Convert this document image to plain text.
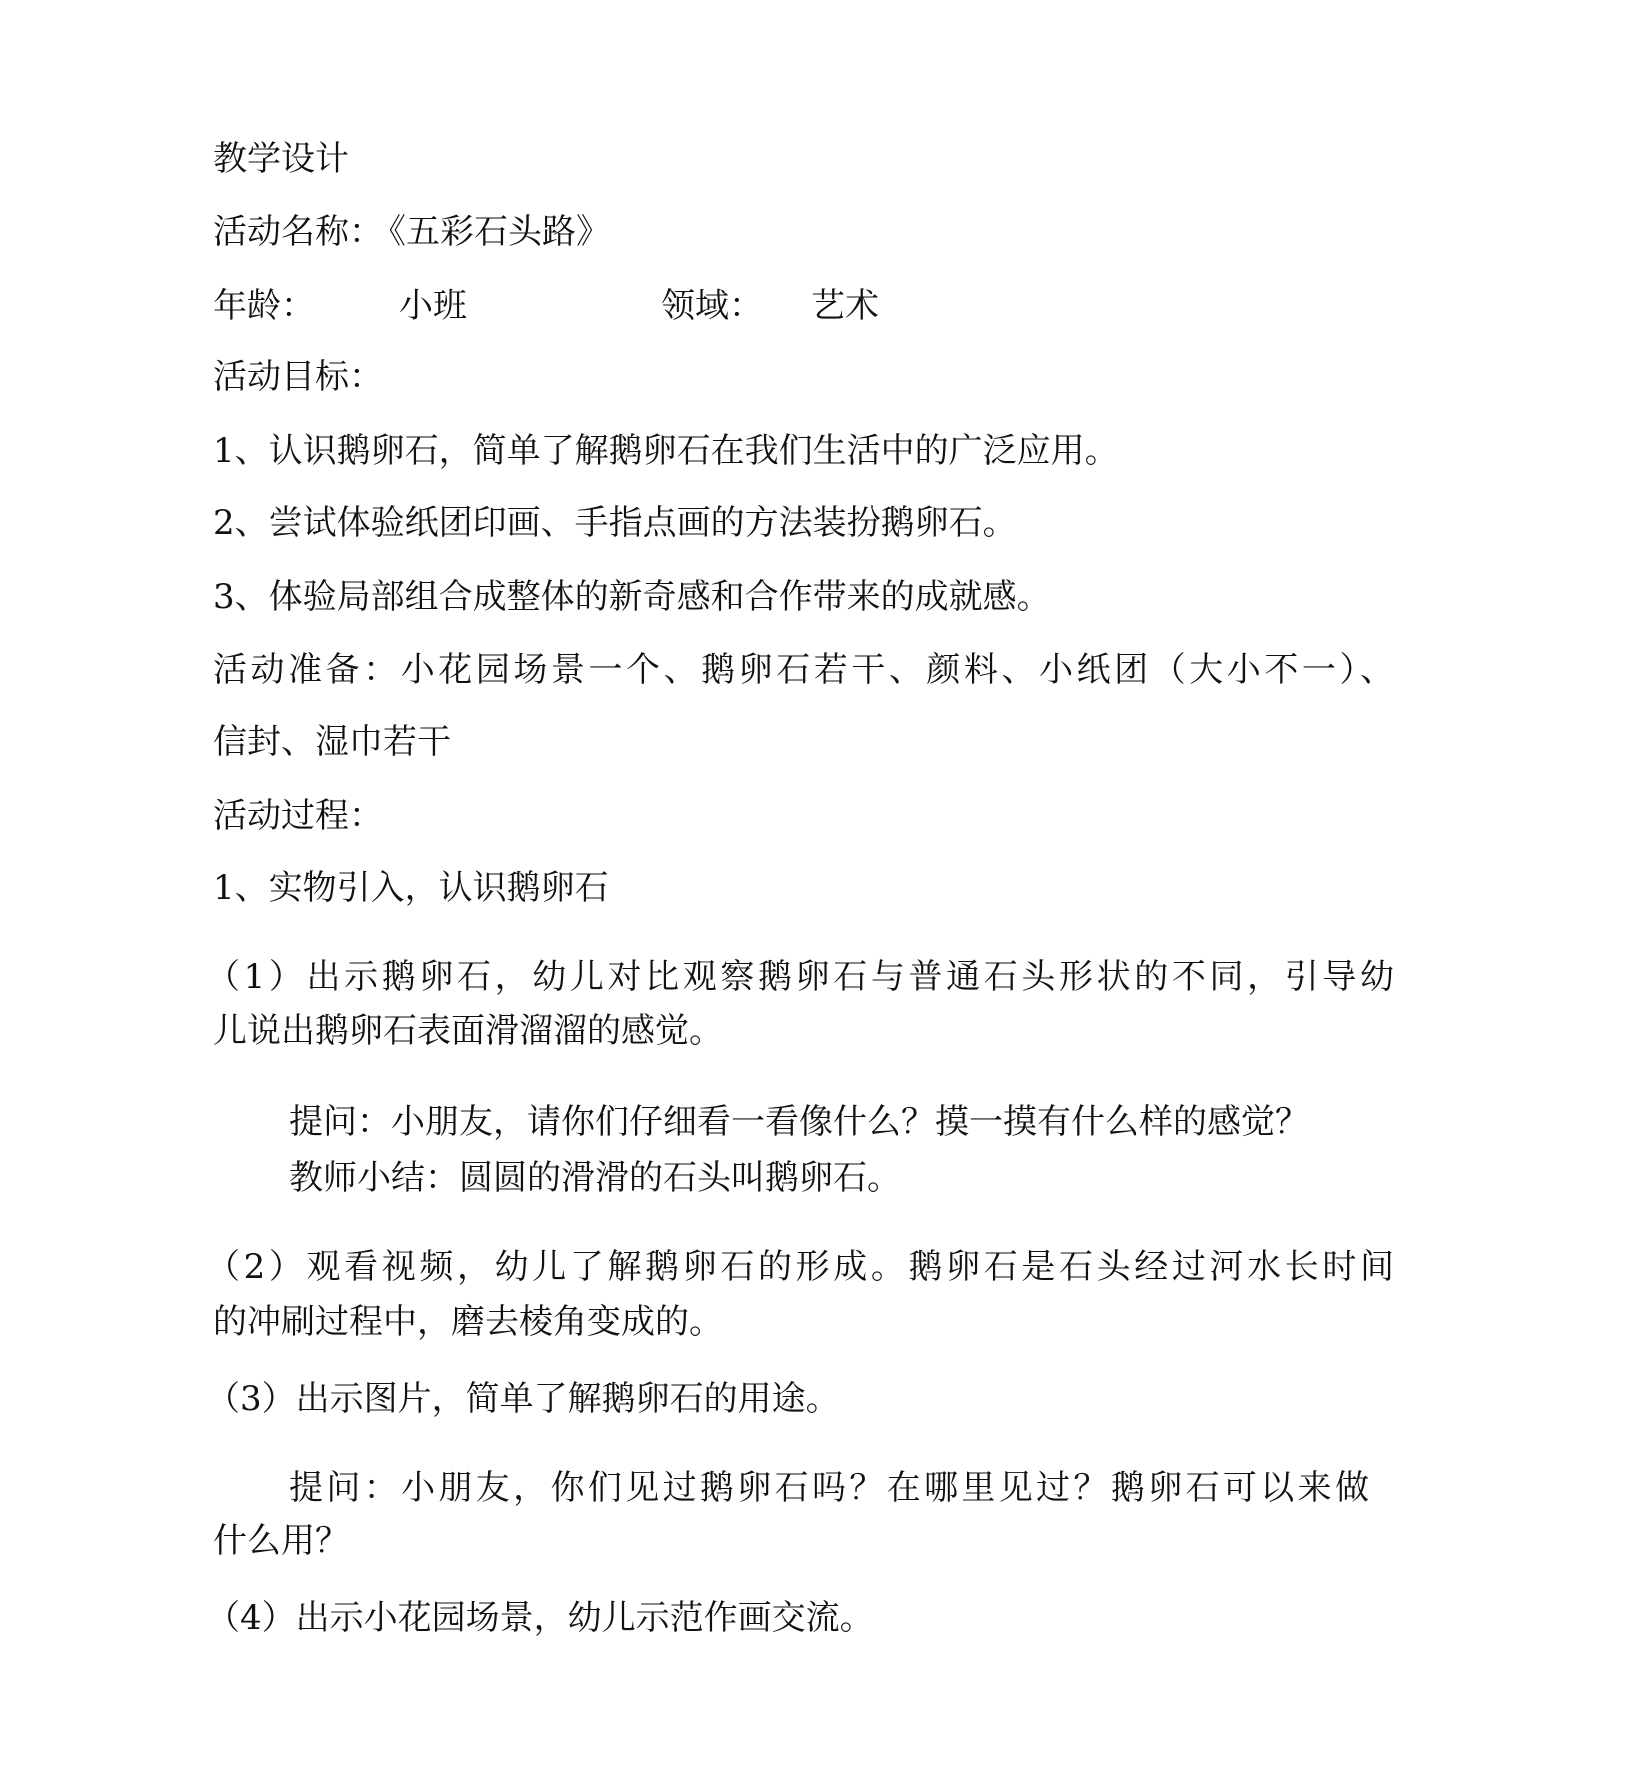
教学设计
活动名称： 《五彩石头路》
年龄： 小班	领域： 艺术
活动目标：
1、认识鹅卵石，简单了解鹅卵石在我们生活中的广泛应用。
2、尝试体验纸团印画、手指点画的方法装扮鹅卵石。
3、体验局部组合成整体的新奇感和合作带来的成就感。
活动准备：小花园场景一个、鹅卵石若干、颜料、小纸团（大小不一）、
信封、湿巾若干
活动过程：
1、实物引入，认识鹅卵石
（1）出示鹅卵石，幼儿对比观察鹅卵石与普通石头形状的不同，引导幼
儿说出鹅卵石表面滑溜溜的感觉。
提问：小朋友，请你们仔细看一看像什么？摸一摸有什么样的感觉？
教师小结：圆圆的滑滑的石头叫鹅卵石。
（2）观看视频，幼儿了解鹅卵石的形成。鹅卵石是石头经过河水长时间
的冲刷过程中，磨去棱角变成的。
（3）出示图片，简单了解鹅卵石的用途。
提问：小朋友，你们见过鹅卵石吗？在哪里见过？鹅卵石可以来做
什么用？
（4）出示小花园场景，幼儿示范作画交流。
